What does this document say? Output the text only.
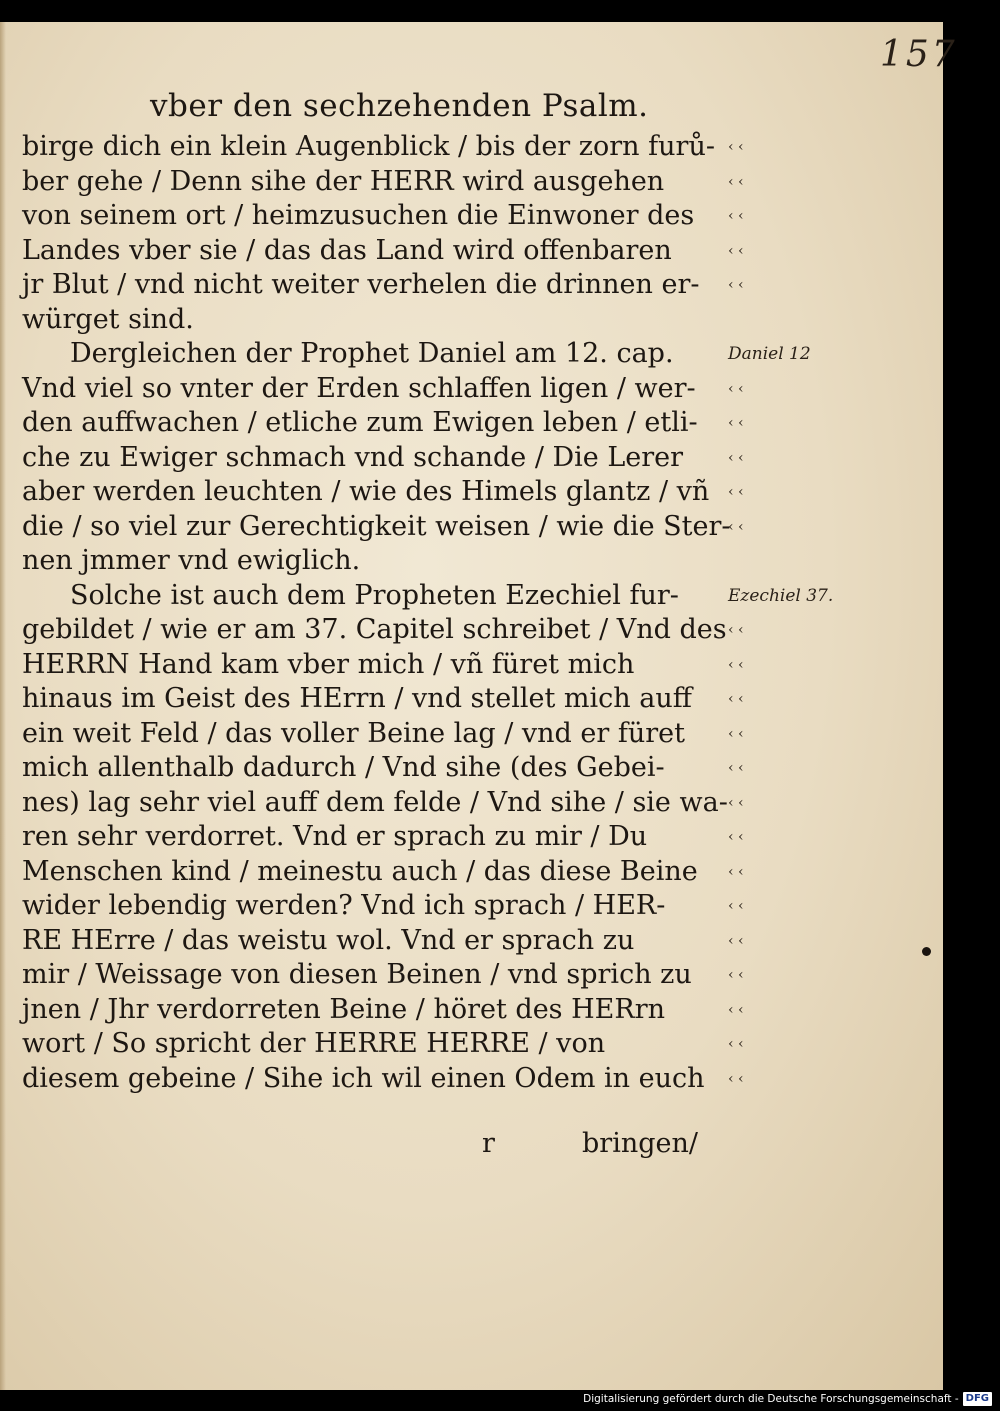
157
vber den sechzehenden Psalm.
birge dich ein klein Augenblick / bis der zorn furů-
ber gehe / Denn sihe der HERR wird ausgehen
von seinem ort / heimzusuchen die Einwoner des
Landes vber sie / das das Land wird offenbaren
jr Blut / vnd nicht weiter verhelen die drinnen er-
würget sind.
Dergleichen der Prophet Daniel am 12. cap.
Vnd viel so vnter der Erden schlaffen ligen / wer-
den auffwachen / etliche zum Ewigen leben / etli-
che zu Ewiger schmach vnd schande / Die Lerer
aber werden leuchten / wie des Himels glantz / vñ
die / so viel zur Gerechtigkeit weisen / wie die Ster-
nen jmmer vnd ewiglich.
Solche ist auch dem Propheten Ezechiel fur-
gebildet / wie er am 37. Capitel schreibet / Vnd des
HERRN Hand kam vber mich / vñ füret mich
hinaus im Geist des HErrn / vnd stellet mich auff
ein weit Feld / das voller Beine lag / vnd er füret
mich allenthalb dadurch / Vnd sihe (des Gebei-
nes) lag sehr viel auff dem felde / Vnd sihe / sie wa-
ren sehr verdorret. Vnd er sprach zu mir / Du
Menschen kind / meinestu auch / das diese Beine
wider lebendig werden? Vnd ich sprach / HER-
RE HErre / das weistu wol. Vnd er sprach zu
mir / Weissage von diesen Beinen / vnd sprich zu
jnen / Jhr verdorreten Beine / höret des HERrn
wort / So spricht der HERRE HERRE / von
diesem gebeine / Sihe ich wil einen Odem in euch
‹ ‹
‹ ‹
‹ ‹
‹ ‹
‹ ‹
Daniel 12
‹ ‹
‹ ‹
‹ ‹
‹ ‹
‹ ‹
Ezechiel 37.
‹ ‹
‹ ‹
‹ ‹
‹ ‹
‹ ‹
‹ ‹
‹ ‹
‹ ‹
‹ ‹
‹ ‹
‹ ‹
‹ ‹
‹ ‹
‹ ‹
r	bringen/
Digitalisierung gefördert durch die Deutsche Forschungsgemeinschaft - DFG
